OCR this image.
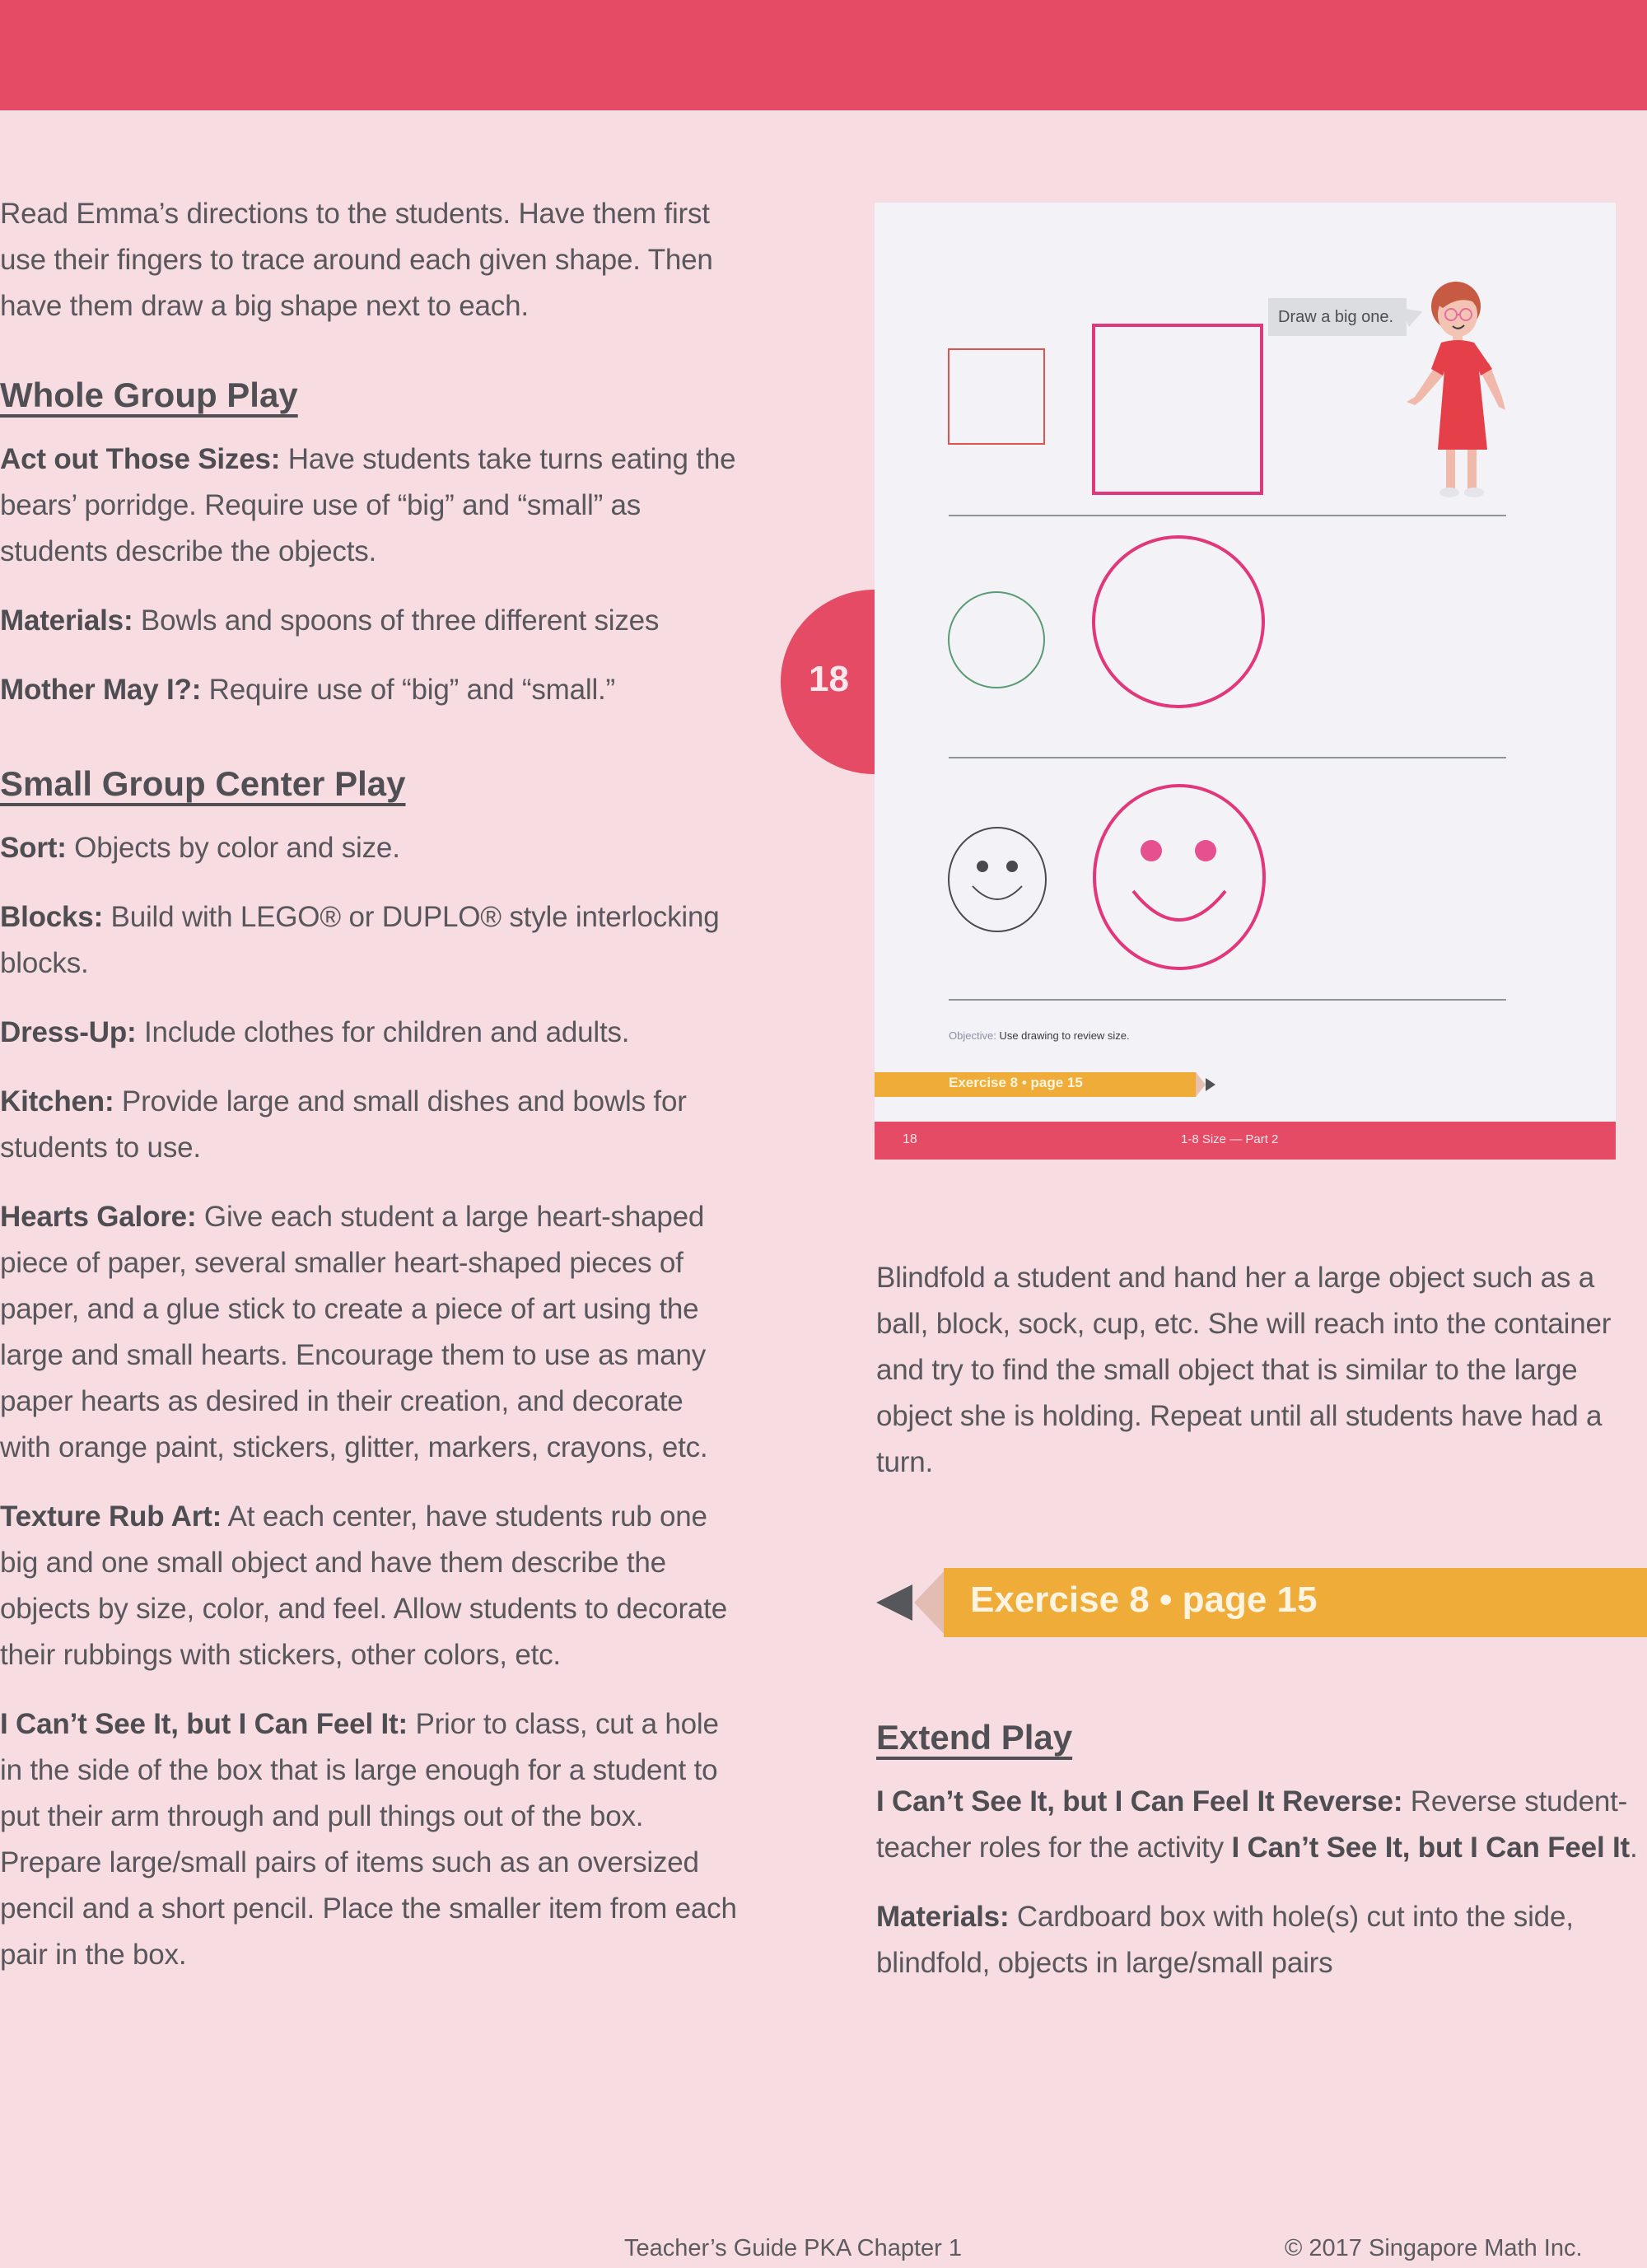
Read Emma’s directions to the students. Have them first use their fingers to trace around each given shape. Then have them draw a big shape next to each.

Whole Group Play

Act out Those Sizes: Have students take turns eating the bears’ porridge. Require use of “big” and “small” as students describe the objects.

Materials: Bowls and spoons of three different sizes

Mother May I?: Require use of “big” and “small.”

Small Group Center Play

Sort: Objects by color and size.

Blocks: Build with LEGO® or DUPLO® style interlocking blocks.

Dress-Up: Include clothes for children and adults.

Kitchen: Provide large and small dishes and bowls for students to use.

Hearts Galore: Give each student a large heart-shaped piece of paper, several smaller heart-shaped pieces of paper, and a glue stick to create a piece of art using the large and small hearts. Encourage them to use as many paper hearts as desired in their creation, and decorate with orange paint, stickers, glitter, markers, crayons, etc.

Texture Rub Art: At each center, have students rub one big and one small object and have them describe the objects by size, color, and feel. Allow students to decorate their rubbings with stickers, other colors, etc.

I Can’t See It, but I Can Feel It: Prior to class, cut a hole in the side of the box that is large enough for a student to put their arm through and pull things out of the box. Prepare large/small pairs of items such as an oversized pencil and a short pencil. Place the smaller item from each pair in the box.

18
Draw a big one.
Objective: Use drawing to review size.
Exercise 8 • page 15
18	1-8 Size — Part 2

Blindfold a student and hand her a large object such as a ball, block, sock, cup, etc. She will reach into the container and try to find the small object that is similar to the large object she is holding. Repeat until all students have had a turn.

Exercise 8 • page 15
Extend Play

I Can’t See It, but I Can Feel It Reverse: Reverse student-teacher roles for the activity I Can’t See It, but I Can Feel It.

Materials: Cardboard box with hole(s) cut into the side, blindfold, objects in large/small pairs

Teacher’s Guide PKA Chapter 1	© 2017 Singapore Math Inc.
